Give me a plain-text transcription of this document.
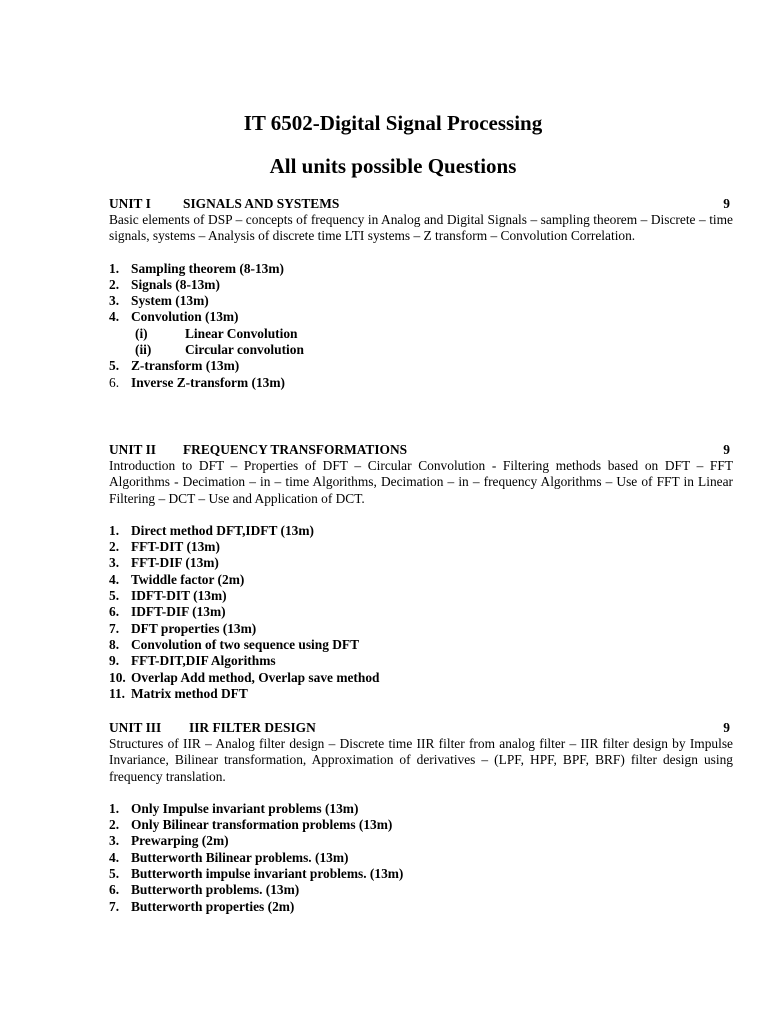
IT 6502-Digital Signal Processing
All units possible Questions
UNIT I SIGNALS AND SYSTEMS	9

Basic elements of DSP – concepts of frequency in Analog and Digital Signals – sampling theorem – Discrete – time signals, systems – Analysis of discrete time LTI systems – Z transform – Convolution Correlation.

1. Sampling theorem (8-13m)
2. Signals (8-13m)
3. System (13m)
4. Convolution (13m)
(i)	Linear Convolution
(ii)	Circular convolution
5. Z-transform (13m)
6. Inverse Z-transform (13m)
UNIT II FREQUENCY TRANSFORMATIONS	9

Introduction to DFT – Properties of DFT – Circular Convolution - Filtering methods based on DFT – FFT Algorithms - Decimation – in – time Algorithms, Decimation – in – frequency Algorithms – Use of FFT in Linear Filtering – DCT – Use and Application of DCT.

1. Direct method DFT,IDFT (13m)
2. FFT-DIT (13m)
3. FFT-DIF (13m)
4. Twiddle factor (2m)
5. IDFT-DIT (13m)
6. IDFT-DIF (13m)
7. DFT properties (13m)
8. Convolution of two sequence using DFT
9. FFT-DIT,DIF Algorithms
10. Overlap Add method, Overlap save method
11. Matrix method DFT
UNIT III IIR FILTER DESIGN	9

Structures of IIR – Analog filter design – Discrete time IIR filter from analog filter – IIR filter design by Impulse Invariance, Bilinear transformation, Approximation of derivatives – (LPF, HPF, BPF, BRF) filter design using frequency translation.

1. Only Impulse invariant problems (13m)
2. Only Bilinear transformation problems (13m)
3. Prewarping (2m)
4. Butterworth Bilinear problems. (13m)
5. Butterworth impulse invariant problems. (13m)
6. Butterworth problems. (13m)
7. Butterworth properties (2m)
